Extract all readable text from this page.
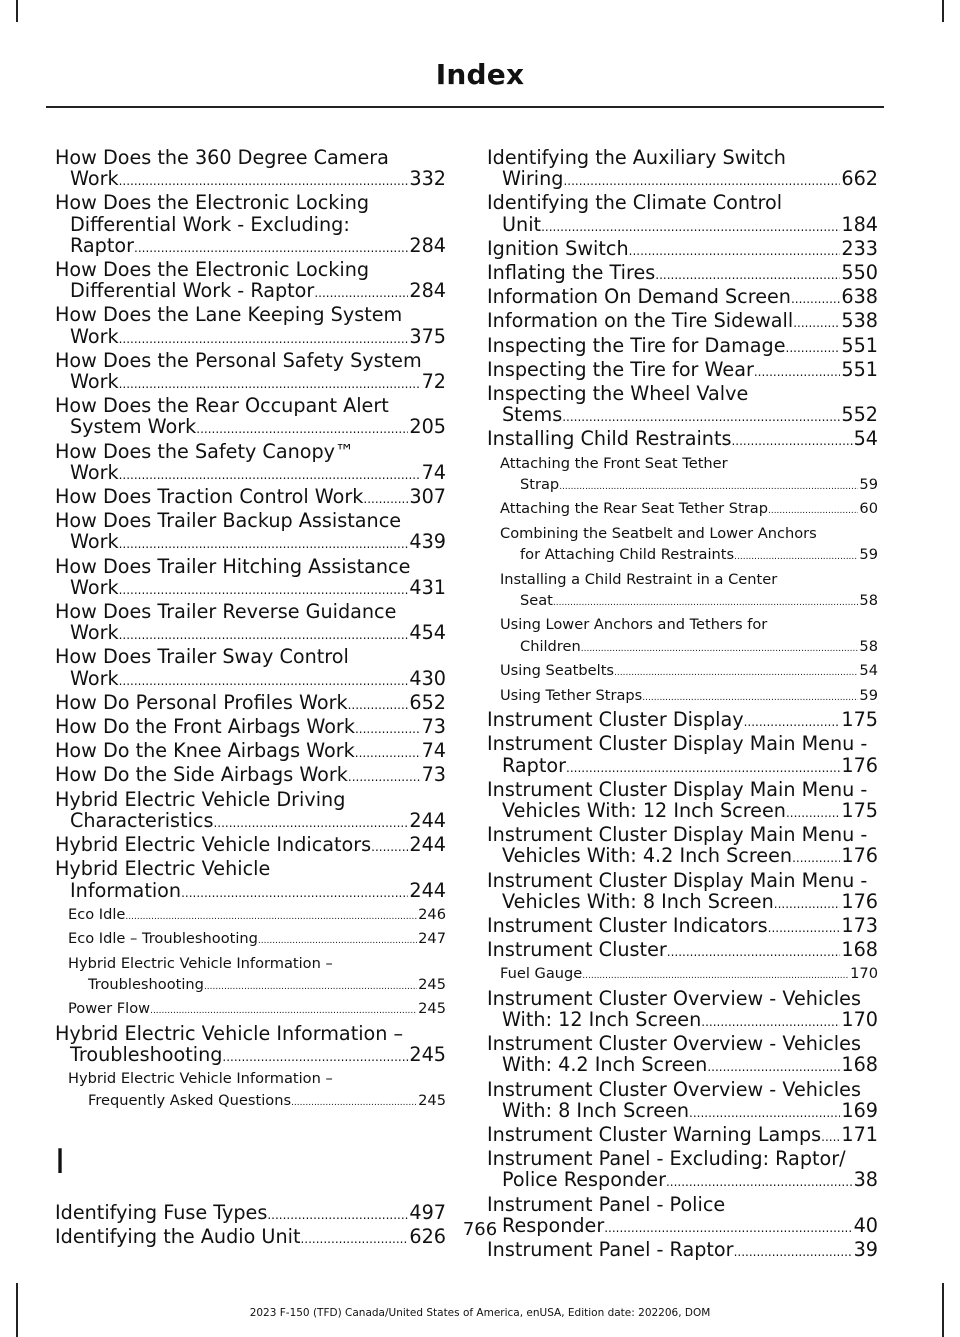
Index
How Does the 360 Degree Camera
Work .....	332
How Does the Electronic Locking
Differential Work - Excluding:
Raptor .....	284
How Does the Electronic Locking
Differential Work - Raptor .....	284
How Does the Lane Keeping System
Work .....	375
How Does the Personal Safety System
Work .....	72
How Does the Rear Occupant Alert
System Work .....	205
How Does the Safety Canopy™
Work .....	74
How Does Traction Control Work ..... 307
How Does Trailer Backup Assistance
Work .....	439
How Does Trailer Hitching Assistance
Work .....	431
How Does Trailer Reverse Guidance
Work .....	454
How Does Trailer Sway Control
Work .....	430
How Do Personal Profiles Work .....	652
How Do the Front Airbags Work .....	73
How Do the Knee Airbags Work .....	74
How Do the Side Airbags Work .....	73
Hybrid Electric Vehicle Driving
Characteristics .....	244
Hybrid Electric Vehicle Indicators ..... 244
Hybrid Electric Vehicle
Information .....	244
Eco Idle .....	246
Eco Idle – Troubleshooting .....	247
Hybrid Electric Vehicle Information –
Troubleshooting .....	245
Power Flow .....	245
Hybrid Electric Vehicle Information –
Troubleshooting .....	245
Hybrid Electric Vehicle Information –
Frequently Asked Questions .....	245
I
Identifying Fuse Types .....	497
Identifying the Audio Unit .....	626
Identifying the Auxiliary Switch
Wiring .....	662
Identifying the Climate Control
Unit .....	184
Ignition Switch .....	233
Inflating the Tires .....	550
Information On Demand Screen .....	638
Information on the Tire Sidewall .....	538
Inspecting the Tire for Damage .....	551
Inspecting the Tire for Wear .....	551
Inspecting the Wheel Valve
Stems .....	552
Installing Child Restraints .....	54
Attaching the Front Seat Tether
Strap .....	59
Attaching the Rear Seat Tether Strap .....	60
Combining the Seatbelt and Lower Anchors
for Attaching Child Restraints .....	59
Installing a Child Restraint in a Center
Seat .....	58
Using Lower Anchors and Tethers for
Children .....	58
Using Seatbelts .....	54
Using Tether Straps .....	59
Instrument Cluster Display .....	175
Instrument Cluster Display Main Menu -
Raptor .....	176
Instrument Cluster Display Main Menu -
Vehicles With: 12 Inch Screen .....	175
Instrument Cluster Display Main Menu -
Vehicles With: 4.2 Inch Screen .....	176
Instrument Cluster Display Main Menu -
Vehicles With: 8 Inch Screen .....	176
Instrument Cluster Indicators .....	173
Instrument Cluster .....	168
Fuel Gauge .....	170
Instrument Cluster Overview - Vehicles
With: 12 Inch Screen .....	170
Instrument Cluster Overview - Vehicles
With: 4.2 Inch Screen .....	168
Instrument Cluster Overview - Vehicles
With: 8 Inch Screen .....	169
Instrument Cluster Warning Lamps ..... 171
Instrument Panel - Excluding: Raptor/
Police Responder .....	38
Instrument Panel - Police
Responder .....	40
Instrument Panel - Raptor .....	39
766
2023 F-150 (TFD) Canada/United States of America, enUSA, Edition date: 202206, DOM
